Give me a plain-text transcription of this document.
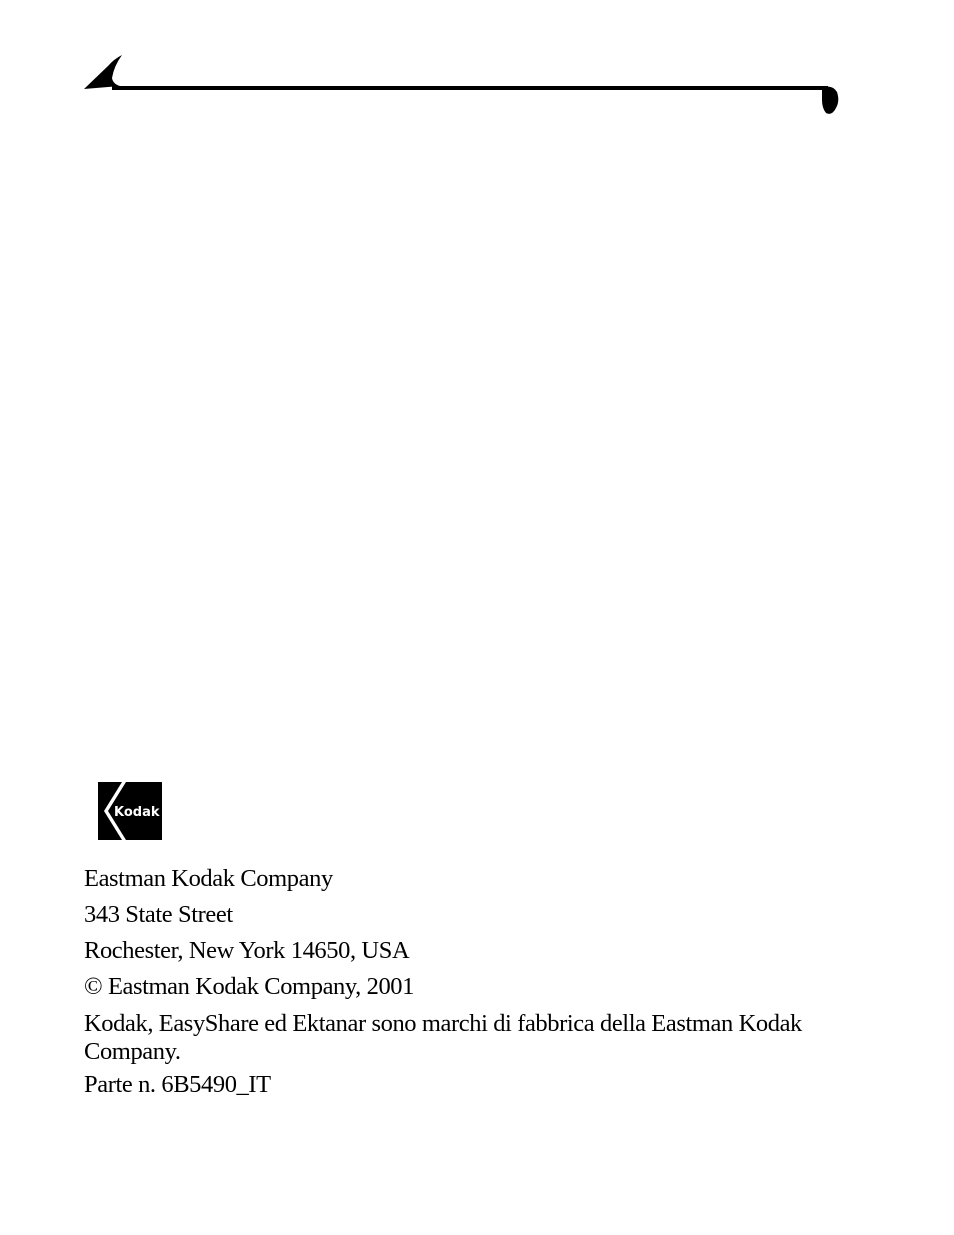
Kodak
Eastman Kodak Company
343 State Street
Rochester, New York 14650, USA
© Eastman Kodak Company, 2001
Kodak, EasyShare ed Ektanar sono marchi di fabbrica della Eastman Kodak Company.
Parte n. 6B5490_IT
